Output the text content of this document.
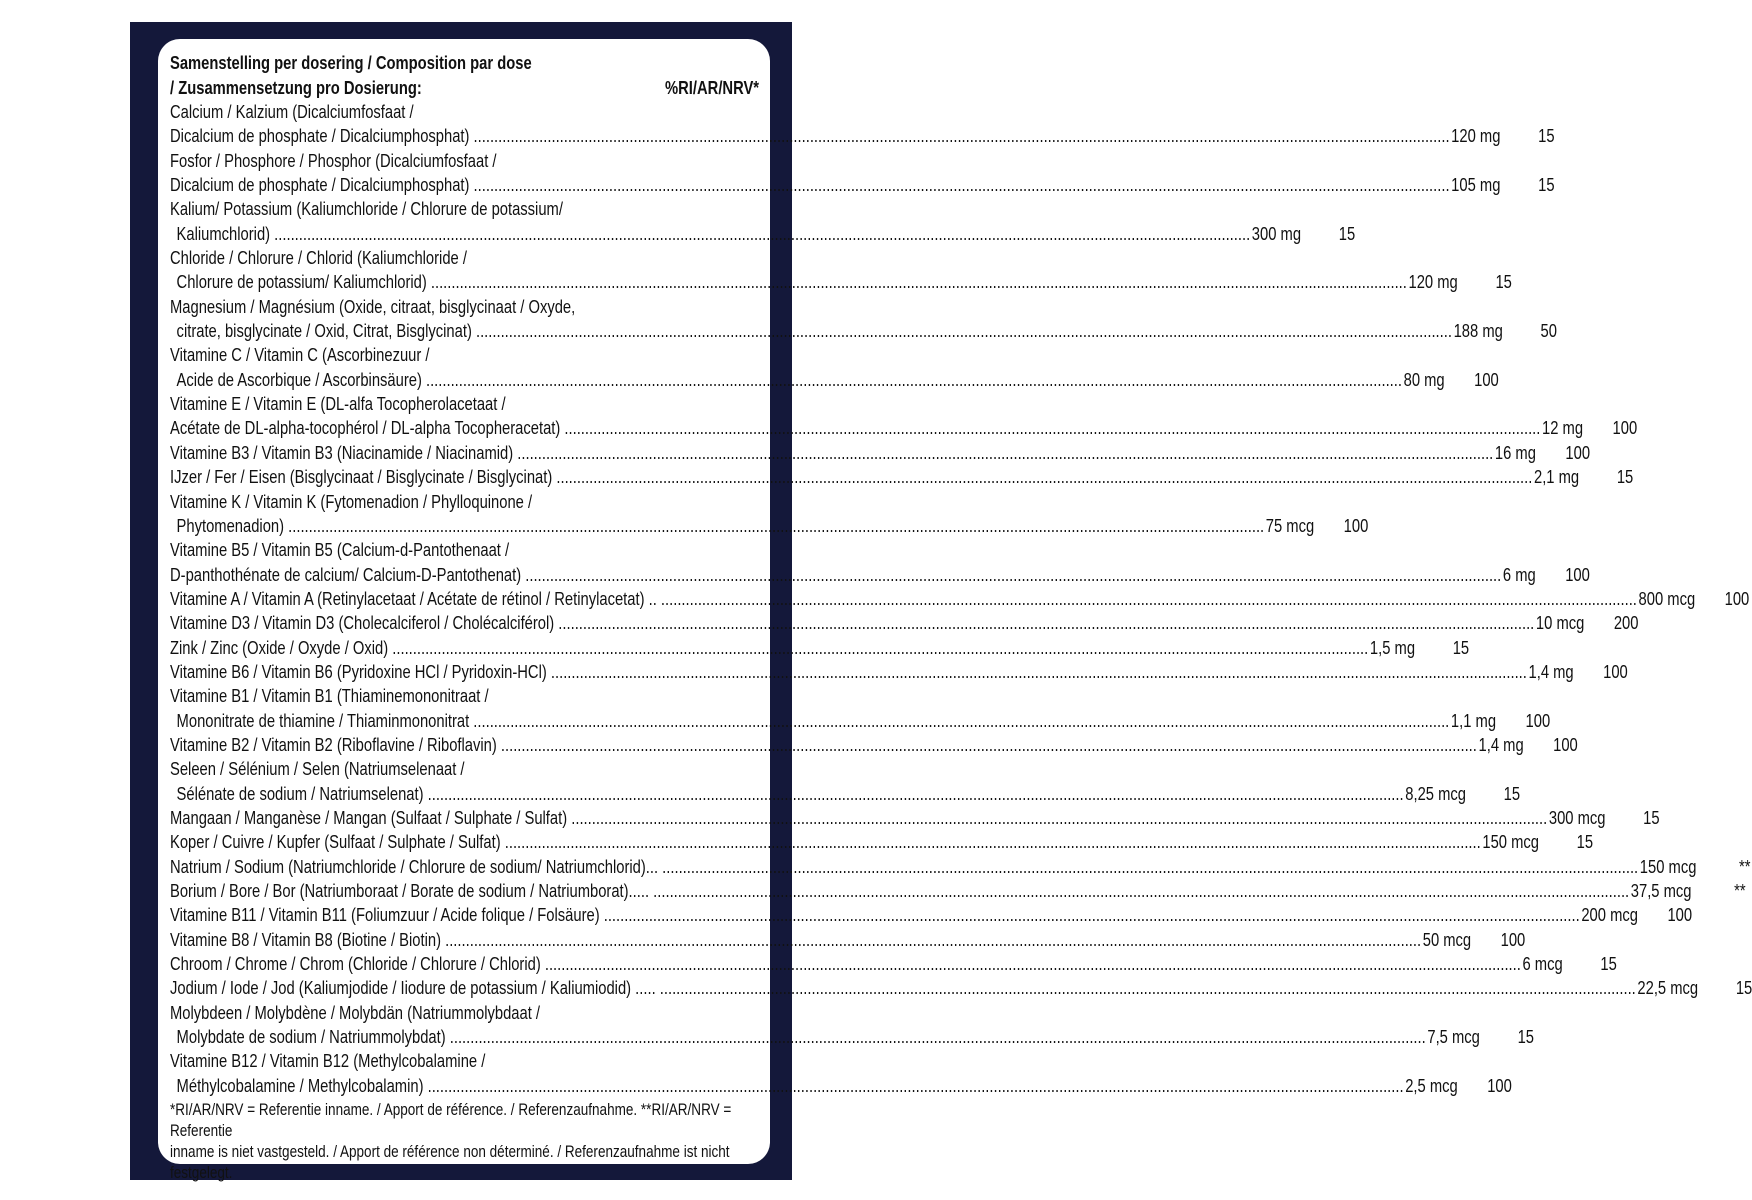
Samenstelling per dosering / Composition par dose
/ Zusammensetzung pro Dosierung:	%RI/AR/NRV*
Calcium / Kalzium (Dicalciumfosfaat /
Dicalcium de phosphate / Dicalciumphosphat) .....	120 mg	15
Fosfor / Phosphore / Phosphor (Dicalciumfosfaat /
Dicalcium de phosphate / Dicalciumphosphat) .....	105 mg	15
Kalium/ Potassium (Kaliumchloride / Chlorure de potassium/
Kaliumchlorid) .....	300 mg	15
Chloride / Chlorure / Chlorid (Kaliumchloride /
Chlorure de potassium/ Kaliumchlorid) .....	120 mg	15
Magnesium / Magnésium (Oxide, citraat, bisglycinaat / Oxyde,
citrate, bisglycinate / Oxid, Citrat, Bisglycinat) .....	188 mg	50
Vitamine C / Vitamin C (Ascorbinezuur /
Acide de Ascorbique / Ascorbinsäure) .....	80 mg	100
Vitamine E / Vitamin E (DL-alfa Tocopherolacetaat /
Acétate de DL-alpha-tocophérol / DL-alpha Tocopheracetat) .....	12 mg	100
Vitamine B3 / Vitamin B3 (Niacinamide / Niacinamid) .....	16 mg	100
IJzer / Fer / Eisen (Bisglycinaat / Bisglycinate / Bisglycinat) .....	2,1 mg	15
Vitamine K / Vitamin K (Fytomenadion / Phylloquinone /
Phytomenadion) .....	75 mcg	100
Vitamine B5 / Vitamin B5 (Calcium-d-Pantothenaat /
D-panthothénate de calcium/ Calcium-D-Pantothenat) .....	6 mg	100
Vitamine A / Vitamin A (Retinylacetaat / Acétate de rétinol / Retinylacetat) .. .....	800 mcg	100
Vitamine D3 / Vitamin D3 (Cholecalciferol / Cholécalciférol) .....	10 mcg	200
Zink / Zinc (Oxide / Oxyde / Oxid) .....	1,5 mg	15
Vitamine B6 / Vitamin B6 (Pyridoxine HCl / Pyridoxin-HCl) .....	1,4 mg	100
Vitamine B1 / Vitamin B1 (Thiaminemononitraat /
Mononitrate de thiamine / Thiaminmononitrat .....	1,1 mg	100
Vitamine B2 / Vitamin B2 (Riboflavine / Riboflavin) .....	1,4 mg	100
Seleen / Sélénium / Selen (Natriumselenaat /
Sélénate de sodium / Natriumselenat) .....	8,25 mcg	15
Mangaan / Manganèse / Mangan (Sulfaat / Sulphate / Sulfat) .....	300 mcg	15
Koper / Cuivre / Kupfer (Sulfaat / Sulphate / Sulfat) .....	150 mcg	15
Natrium / Sodium (Natriumchloride / Chlorure de sodium/ Natriumchlorid)... .....	150 mcg	**
Borium / Bore / Bor (Natriumboraat / Borate de sodium / Natriumborat)..... .....	37,5 mcg	**
Vitamine B11 / Vitamin B11 (Foliumzuur / Acide folique / Folsäure) .....	200 mcg	100
Vitamine B8 / Vitamin B8 (Biotine / Biotin) .....	50 mcg	100
Chroom / Chrome / Chrom (Chloride / Chlorure / Chlorid) .....	6 mcg	15
Jodium / Iode / Jod (Kaliumjodide / Iiodure de potassium / Kaliumiodid) ..... .....	22,5 mcg	15
Molybdeen / Molybdène / Molybdän (Natriummolybdaat /
Molybdate de sodium / Natriummolybdat) .....	7,5 mcg	15
Vitamine B12 / Vitamin B12 (Methylcobalamine /
Méthylcobalamine / Methylcobalamin) .....	2,5 mcg	100
*RI/AR/NRV = Referentie inname. / Apport de référence. / Referenzaufnahme. **RI/AR/NRV = Referentie
inname is niet vastgesteld. / Apport de référence non déterminé. / Referenzaufnahme ist nicht festgelegt.
